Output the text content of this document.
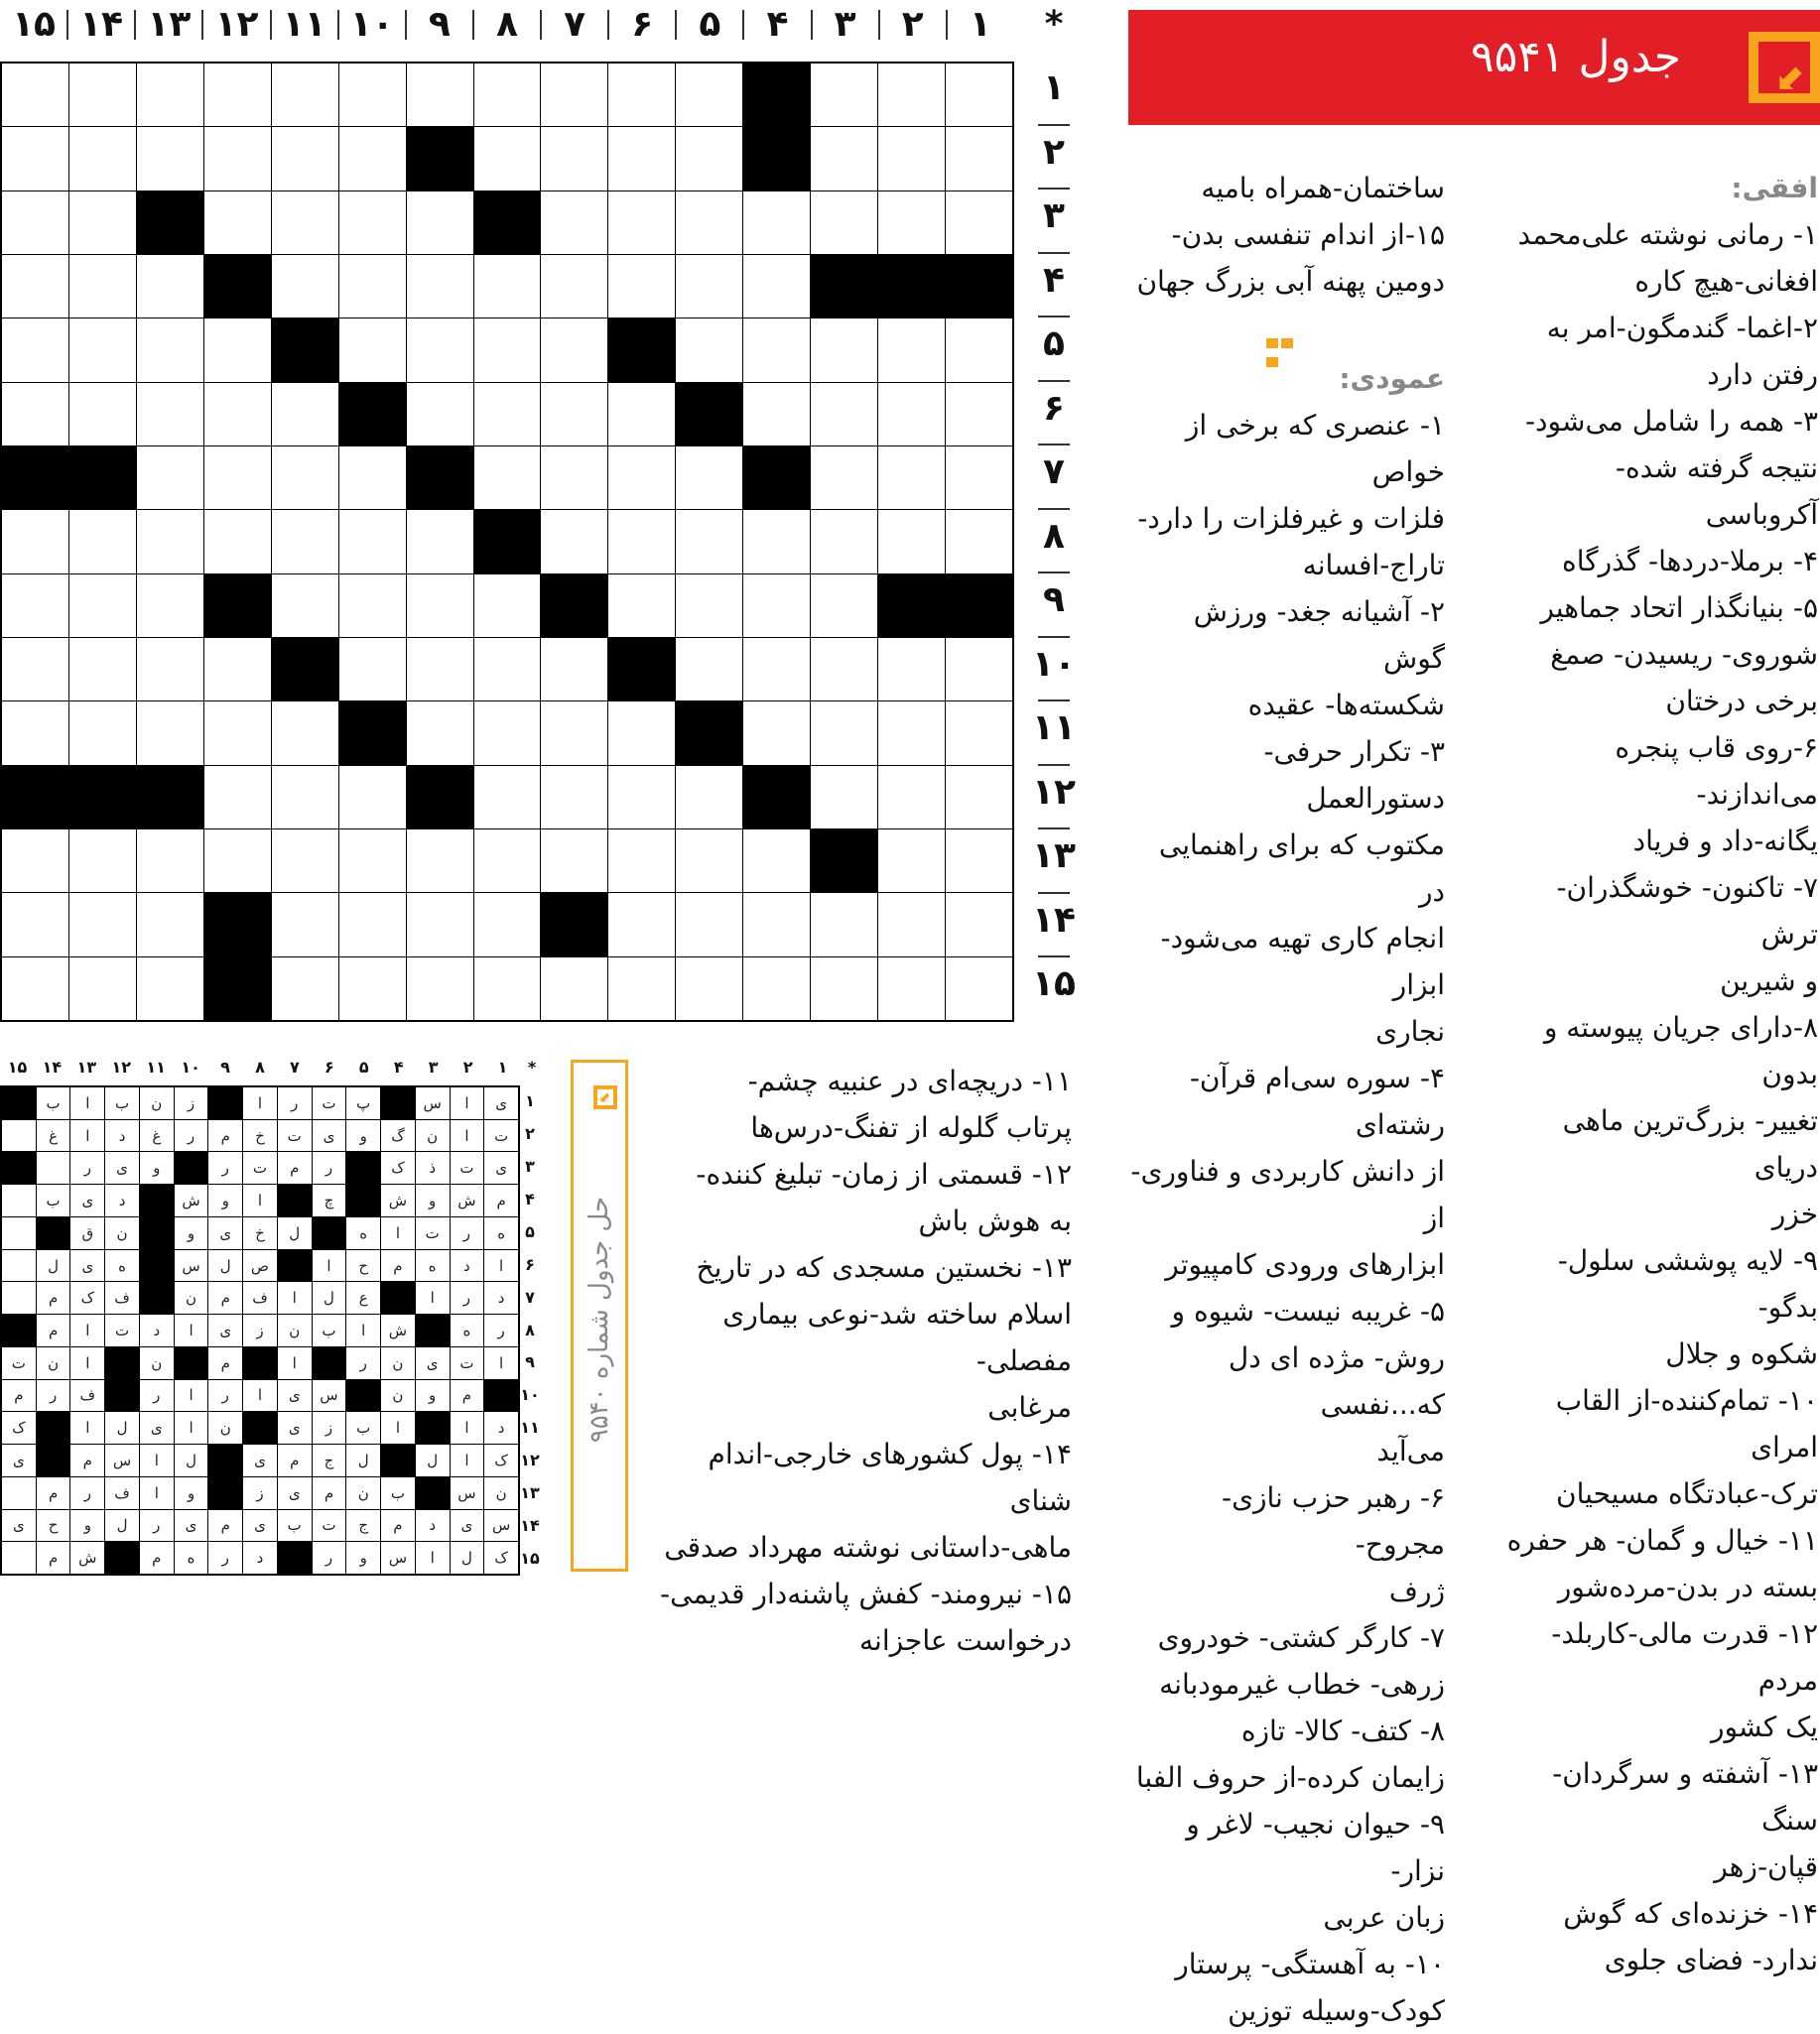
۱
۲
۳
۴
۵
۶
۷
۸
۹
۱۰
۱۱
۱۲
۱۳
۱۴
۱۵	*
۱
۲
۳
۴
۵
۶
۷
۸
۹
۱۰
۱۱
۱۲
۱۳
۱۴
۱۵
جدول ۹۵۴۱	⬋

افقی:

۱- رمانی نوشته علی‌محمد

افغانی-هیچ کاره

۲-اغما- گندمگون-امر به

رفتن دارد

۳- همه را شامل می‌شود-

نتیجه گرفته شده-آکروباسی

۴- برملا-دردها- گذرگاه

۵- بنیانگذار اتحاد جماهیر

شوروی- ریسیدن- صمغ

برخی درختان

۶-روی قاب پنجره می‌اندازند-

یگانه-داد و فریاد

۷- تاکنون- خوشگذران- ترش

و شیرین

۸-دارای جریان پیوسته و بدون

تغییر- بزرگ‌ترین ماهی دریای

خزر

۹- لایه پوششی سلول- بدگو-

شکوه و جلال

۱۰- تمام‌کننده-از القاب امرای

ترک-عبادتگاه مسیحیان

۱۱- خیال و گمان- هر حفره

بسته در بدن-مرده‌شور

۱۲- قدرت مالی-کاربلد- مردم

یک کشور

۱۳- آشفته و سرگردان- سنگ

قپان-زهر

۱۴- خزنده‌ای که گوش

ندارد- فضای جلوی

ساختمان-همراه بامیه

۱۵-از اندام تنفسی بدن-

دومین پهنه آبی بزرگ جهان

عمودی:

۱- عنصری که برخی از خواص

فلزات و غیرفلزات را دارد-

تاراج-افسانه

۲- آشیانه جغد- ورزش گوش

شکسته‌ها- عقیده

۳- تکرار حرفی- دستورالعمل

مکتوب که برای راهنمایی در

انجام کاری تهیه می‌شود-ابزار

نجاری

۴- سوره سی‌ام قرآن- رشته‌ای

از دانش کاربردی و فناوری-از

ابزارهای ورودی کامپیوتر

۵- غریبه نیست- شیوه و

روش- مژده ای دل که...نفسی

می‌آید

۶- رهبر حزب نازی- مجروح-

ژرف

۷- کارگر کشتی- خودروی

زرهی- خطاب غیرمودبانه

۸- کتف- کالا- تازه

زایمان کرده-از حروف الفبا

۹- حیوان نجیب- لاغر و نزار-

زبان عربی

۱۰- به آهستگی- پرستار

کودک-وسیله توزین

۱۱- دریچه‌ای در عنبیه چشم-

پرتاب گلوله از تفنگ-درس‌ها

۱۲- قسمتی از زمان- تبلیغ کننده-

به هوش باش

۱۳- نخستین مسجدی که در تاریخ

اسلام ساخته شد-نوعی بیماری مفصلی-

مرغابی

۱۴- پول کشورهای خارجی-اندام شنای

ماهی-داستانی نوشته مهرداد صدقی

۱۵- نیرومند- کفش پاشنه‌دار قدیمی-

درخواست عاجزانه

⬋
حل جدول شماره ۹۵۴۰
۱
۲
۳
۴
۵
۶
۷
۸
۹
۱۰
۱۱
۱۲
۱۳
۱۴
۱۵	*
۱
۲
۳
۴
۵
۶
۷
۸
۹
۱۰
۱۱
۱۲
۱۳
۱۴
۱۵
ی
ا
س
پ
ت
ر
ا
ز
ن
ب
ا
ب
ت
ا
ن
گ
و
ی
ت
خ
م
ر
غ
د
ا
غ
ی
ت
ذ
ک
ر
م
ت
ر
و
ی
ر
م
ش
و
ش
چ
ا
و
ش
د
ی
ب
ه
ر
ت
ا
ه
ل
خ
ی
و
ن
ق
ا
د
ه
م
ح
ا
ص
ل
س
ه
ی
ل
د
ر
ا
ع
ل
ا
ف
م
ن
ف
ک
م
ر
ه
ش
ا
ب
ن
ز
ی
ا
د
ت
ا
م
ا
ت
ی
ن
ر
ا
م
ن
ا
ن
ت
م
و
ن
س
ی
ا
ر
ا
ر
ف
ر
م
د
ا
ا
ب
ز
ی
ن
ا
ی
ل
ا
ک
ک
ا
ل
ل
ج
م
ی
ل
ا
س
م
ی
ن
س
ب
ن
م
ی
ز
و
ا
ف
ر
م
س
ی
د
م
ج
ت
ب
ی
م
ی
ر
ل
و
ح
ی
ک
ل
ا
س
و
ر
د
ر
ه
م
ش
م
